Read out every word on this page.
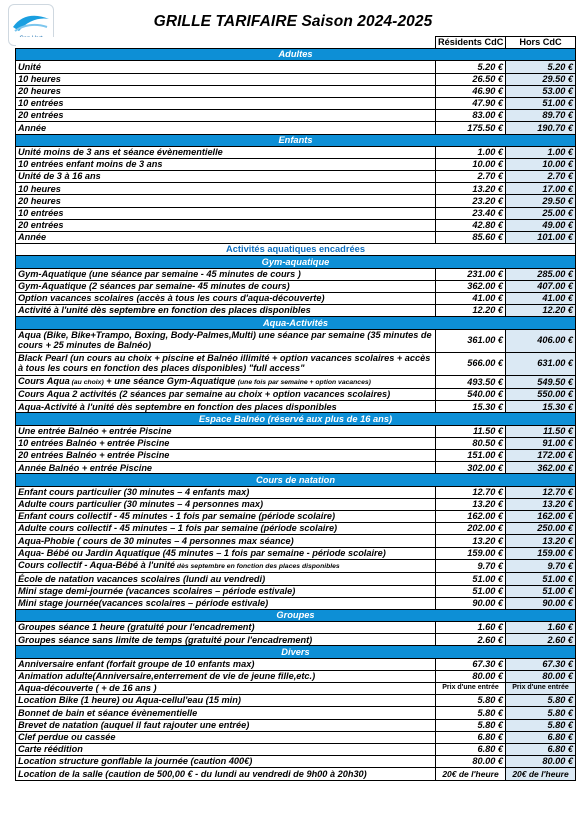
GRILLE TARIFAIRE Saison 2024-2025
	Résidents CdC	Hors CdC
Adultes		
Unité	5.20 €	5.20 €
10 heures	26.50 €	29.50 €
20 heures	46.90 €	53.00 €
10 entrées	47.90 €	51.00 €
20 entrées	83.00 €	89.70 €
Année	175.50 €	190.70 €
Enfants		
Unité moins de 3 ans et séance évènementielle	1.00 €	1.00 €
10 entrées enfant moins de 3 ans	10.00 €	10.00 €
Unité de 3 à 16 ans	2.70 €	2.70 €
10 heures	13.20 €	17.00 €
20 heures	23.20 €	29.50 €
10 entrées	23.40 €	25.00 €
20 entrées	42.80 €	49.00 €
Année	85.60 €	101.00 €
Activités aquatiques encadrées		
Gym-aquatique		
Gym-Aquatique (une séance par semaine - 45 minutes de cours )	231.00 €	285.00 €
Gym-Aquatique (2 séances par semaine- 45 minutes de cours)	362.00 €	407.00 €
Option vacances scolaires (accès à tous les cours d'aqua-découverte)	41.00 €	41.00 €
Activité à l'unité dès septembre en fonction des places disponibles	12.20 €	12.20 €
Aqua-Activités		
Aqua (Bike, Bike+Trampo, Boxing, Body-Palmes,Multi) une séance par semaine (35 minutes de cours + 25 minutes de Balnéo)	361.00 €	406.00 €
Black Pearl (un cours au choix + piscine et Balnéo illimité + option vacances scolaires + accès à tous les cours en fonction des places disponibles) "full access"	566.00 €	631.00 €
Cours Aqua (au choix) + une séance Gym-Aquatique (une fois par semaine + option vacances)	493.50 €	549.50 €
Cours Aqua 2 activités (2 séances par semaine au choix + option vacances scolaires)	540.00 €	550.00 €
Aqua-Activité à l'unité dès septembre en fonction des places disponibles	15.30 €	15.30 €
Espace Balnéo (réservé aux plus de 16 ans)		
Une entrée Balnéo + entrée Piscine	11.50 €	11.50 €
10 entrées Balnéo + entrée Piscine	80.50 €	91.00 €
20 entrées Balnéo + entrée Piscine	151.00 €	172.00 €
Année Balnéo + entrée Piscine	302.00 €	362.00 €
Cours de natation		
Enfant cours particulier (30 minutes – 4 enfants max)	12.70 €	12.70 €
Adulte cours particulier (30 minutes – 4 personnes max)	13.20 €	13.20 €
Enfant cours collectif - 45 minutes - 1 fois par semaine (période scolaire)	162.00 €	162.00 €
Adulte cours collectif - 45 minutes – 1 fois par semaine (période scolaire)	202.00 €	250.00 €
Aqua-Phobie ( cours de 30 minutes – 4 personnes max séance)	13.20 €	13.20 €
Aqua- Bébé ou Jardin Aquatique (45 minutes – 1 fois par semaine - période scolaire)	159.00 €	159.00 €
Cours collectif - Aqua-Bébé à l'unité dès septembre en fonction des places disponibles	9.70 €	9.70 €
École de natation vacances scolaires (lundi au vendredi)	51.00 €	51.00 €
Mini stage demi-journée (vacances scolaires – période estivale)	51.00 €	51.00 €
Mini stage journée(vacances scolaires – période estivale)	90.00 €	90.00 €
Groupes		
Groupes séance 1 heure (gratuité pour l'encadrement)	1.60 €	1.60 €
Groupes séance sans limite de temps (gratuité pour l'encadrement)	2.60 €	2.60 €
Divers		
Anniversaire enfant (forfait groupe de 10 enfants max)	67.30 €	67.30 €
Animation adulte(Anniversaire,enterrement de vie de jeune fille,etc.)	80.00 €	80.00 €
Aqua-découverte ( + de 16 ans )	Prix d'une entrée	Prix d'une entrée
Location Bike (1 heure) ou Aqua-cellul'eau (15 min)	5.80 €	5.80 €
Bonnet de bain et séance évènementielle	5.80 €	5.80 €
Brevet de natation (auquel il faut rajouter une entrée)	5.80 €	5.80 €
Clef perdue ou cassée	6.80 €	6.80 €
Carte réédition	6.80 €	6.80 €
Location structure gonflable la journée (caution 400€)	80.00 €	80.00 €
Location de la salle (caution de 500,00 € - du lundi au vendredi de 9h00 à 20h30)	20€ de l'heure	20€ de l'heure
